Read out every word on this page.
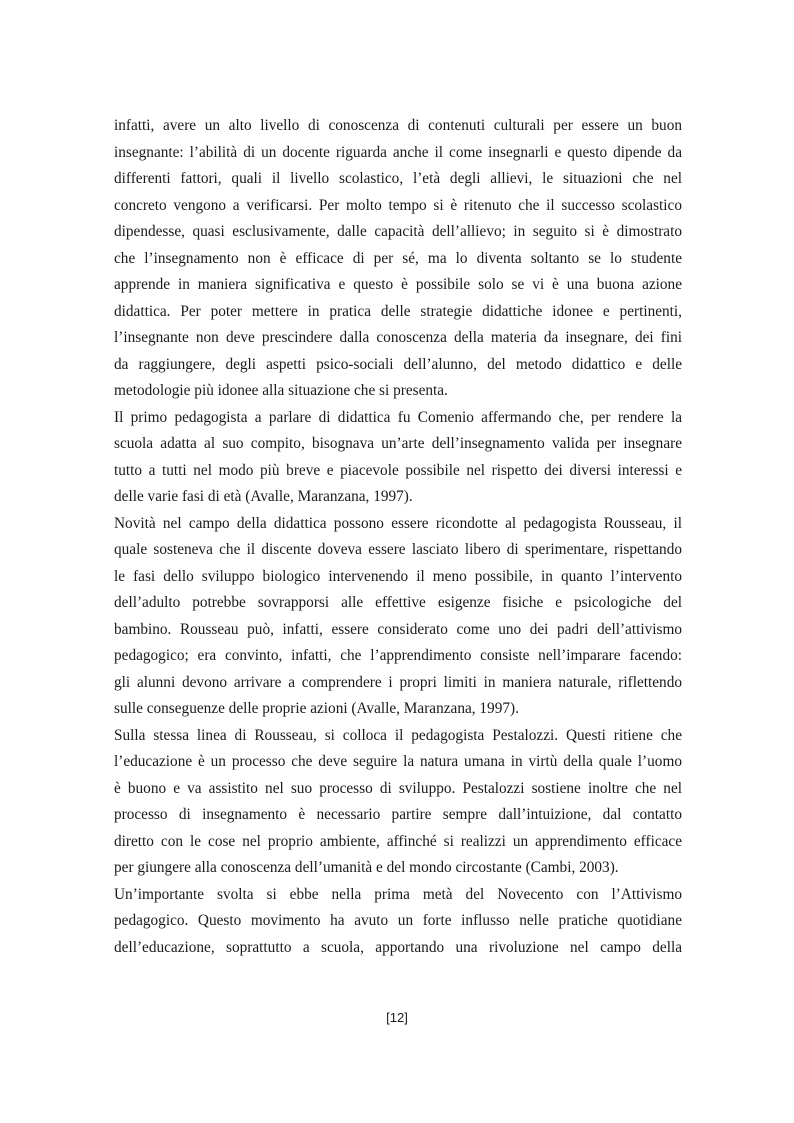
infatti, avere un alto livello di conoscenza di contenuti culturali per essere un buon
insegnante: l’abilità di un docente riguarda anche il come insegnarli e questo dipende da
differenti fattori, quali il livello scolastico, l’età degli allievi, le situazioni che nel
concreto vengono a verificarsi. Per molto tempo si è ritenuto che il successo scolastico
dipendesse, quasi esclusivamente, dalle capacità dell’allievo; in seguito si è dimostrato
che l’insegnamento non è efficace di per sé, ma lo diventa soltanto se lo studente
apprende in maniera significativa e questo è possibile solo se vi è una buona azione
didattica. Per poter mettere in pratica delle strategie didattiche idonee e pertinenti,
l’insegnante non deve prescindere dalla conoscenza della materia da insegnare, dei fini
da raggiungere, degli aspetti psico-sociali dell’alunno, del metodo didattico e delle
metodologie più idonee alla situazione che si presenta.
Il primo pedagogista a parlare di didattica fu Comenio affermando che, per rendere la
scuola adatta al suo compito, bisognava un’arte dell’insegnamento valida per insegnare
tutto a tutti nel modo più breve e piacevole possibile nel rispetto dei diversi interessi e
delle varie fasi di età (Avalle, Maranzana, 1997).
Novità nel campo della didattica possono essere ricondotte al pedagogista Rousseau, il
quale sosteneva che il discente doveva essere lasciato libero di sperimentare, rispettando
le fasi dello sviluppo biologico intervenendo il meno possibile, in quanto l’intervento
dell’adulto potrebbe sovrapporsi alle effettive esigenze fisiche e psicologiche del
bambino. Rousseau può, infatti, essere considerato come uno dei padri dell’attivismo
pedagogico; era convinto, infatti, che l’apprendimento consiste nell’imparare facendo:
gli alunni devono arrivare a comprendere i propri limiti in maniera naturale, riflettendo
sulle conseguenze delle proprie azioni (Avalle, Maranzana, 1997).
Sulla stessa linea di Rousseau, si colloca il pedagogista Pestalozzi. Questi ritiene che
l’educazione è un processo che deve seguire la natura umana in virtù della quale l’uomo
è buono e va assistito nel suo processo di sviluppo. Pestalozzi sostiene inoltre che nel
processo di insegnamento è necessario partire sempre dall’intuizione, dal contatto
diretto con le cose nel proprio ambiente, affinché si realizzi un apprendimento efficace
per giungere alla conoscenza dell’umanità e del mondo circostante (Cambi, 2003).
Un’importante svolta si ebbe nella prima metà del Novecento con l’Attivismo
pedagogico. Questo movimento ha avuto un forte influsso nelle pratiche quotidiane
dell’educazione, soprattutto a scuola, apportando una rivoluzione nel campo della
[12]
